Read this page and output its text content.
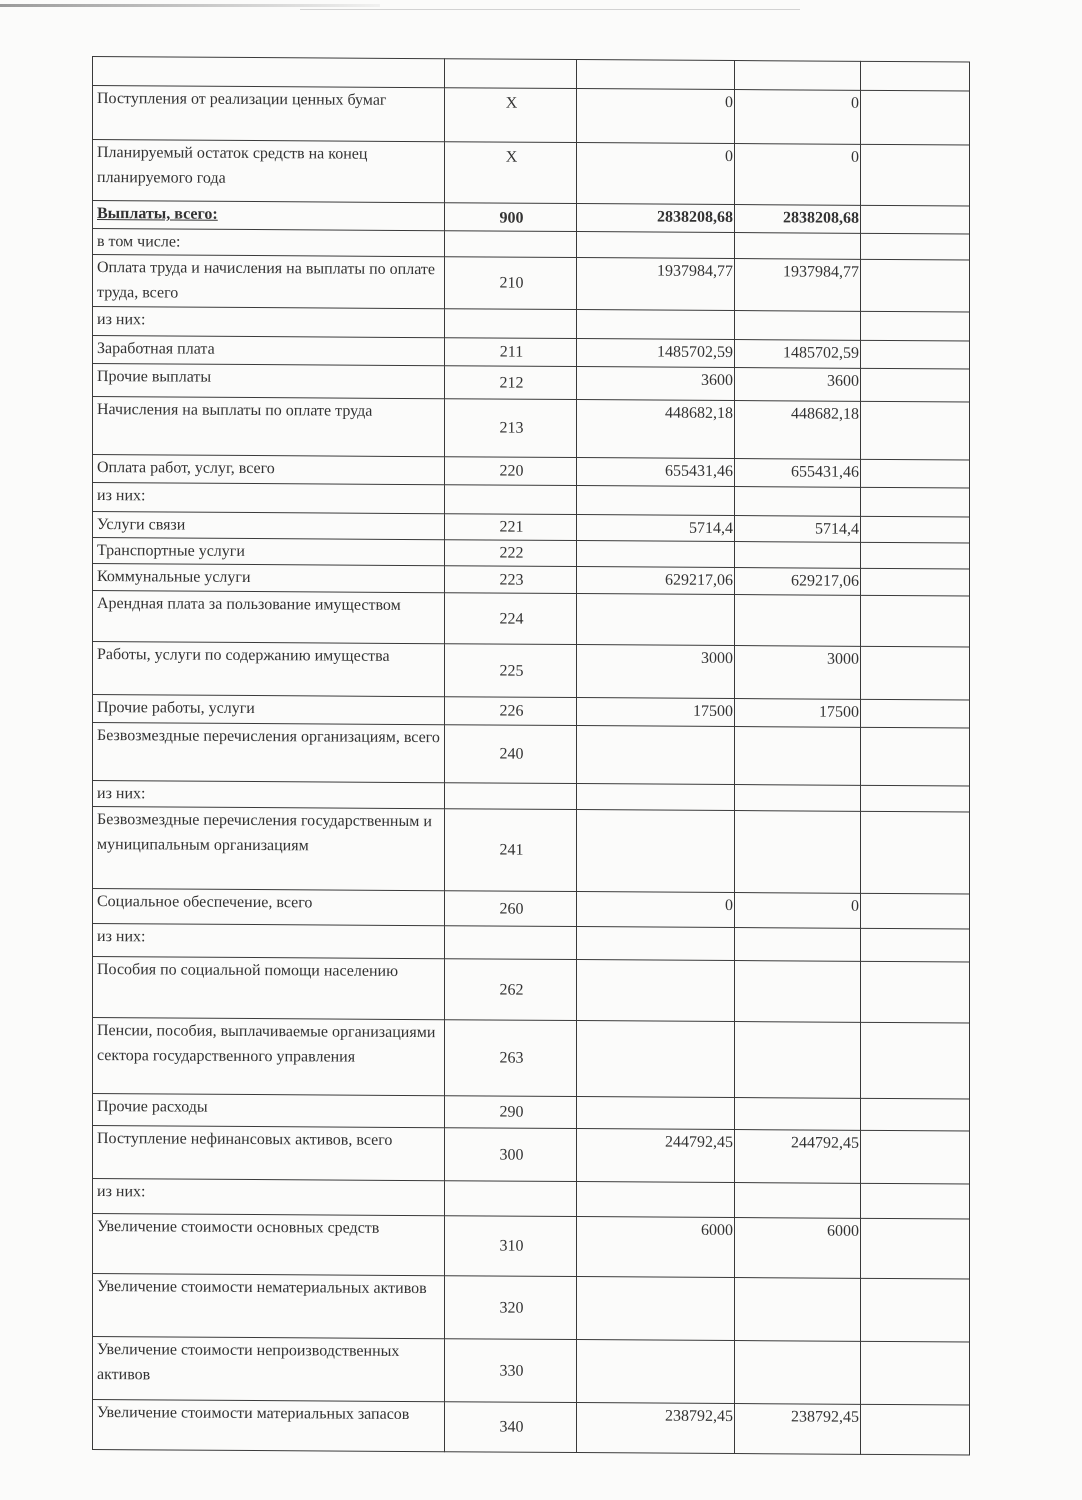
Поступления от реализации ценных бумаг	Х	0	0	
Планируемый остаток средств на конец планируемого года	Х	0	0	
Выплаты, всего:	900	2838208,68	2838208,68	
в том числе:				
Оплата труда и начисления на выплаты по оплате труда, всего	210	1937984,77	1937984,77	
из них:				
Заработная плата	211	1485702,59	1485702,59	
Прочие выплаты	212	3600	3600	
Начисления на выплаты по оплате труда	213	448682,18	448682,18	
Оплата работ, услуг, всего	220	655431,46	655431,46	
из них:				
Услуги связи	221	5714,4	5714,4	
Транспортные услуги	222			
Коммунальные услуги	223	629217,06	629217,06	
Арендная плата за пользование имуществом	224			
Работы, услуги по содержанию имущества	225	3000	3000	
Прочие работы, услуги	226	17500	17500	
Безвозмездные перечисления организациям, всего	240			
из них:				
Безвозмездные перечисления государственным и муниципальным организациям	241			
Социальное обеспечение, всего	260	0	0	
из них:				
Пособия по социальной помощи населению	262			
Пенсии, пособия, выплачиваемые организациями сектора государственного управления	263			
Прочие расходы	290			
Поступление нефинансовых активов, всего	300	244792,45	244792,45	
из них:				
Увеличение стоимости основных средств	310	6000	6000	
Увеличение стоимости нематериальных активов	320			
Увеличение стоимости непроизводственных активов	330			
Увеличение стоимости материальных запасов	340	238792,45	238792,45	
